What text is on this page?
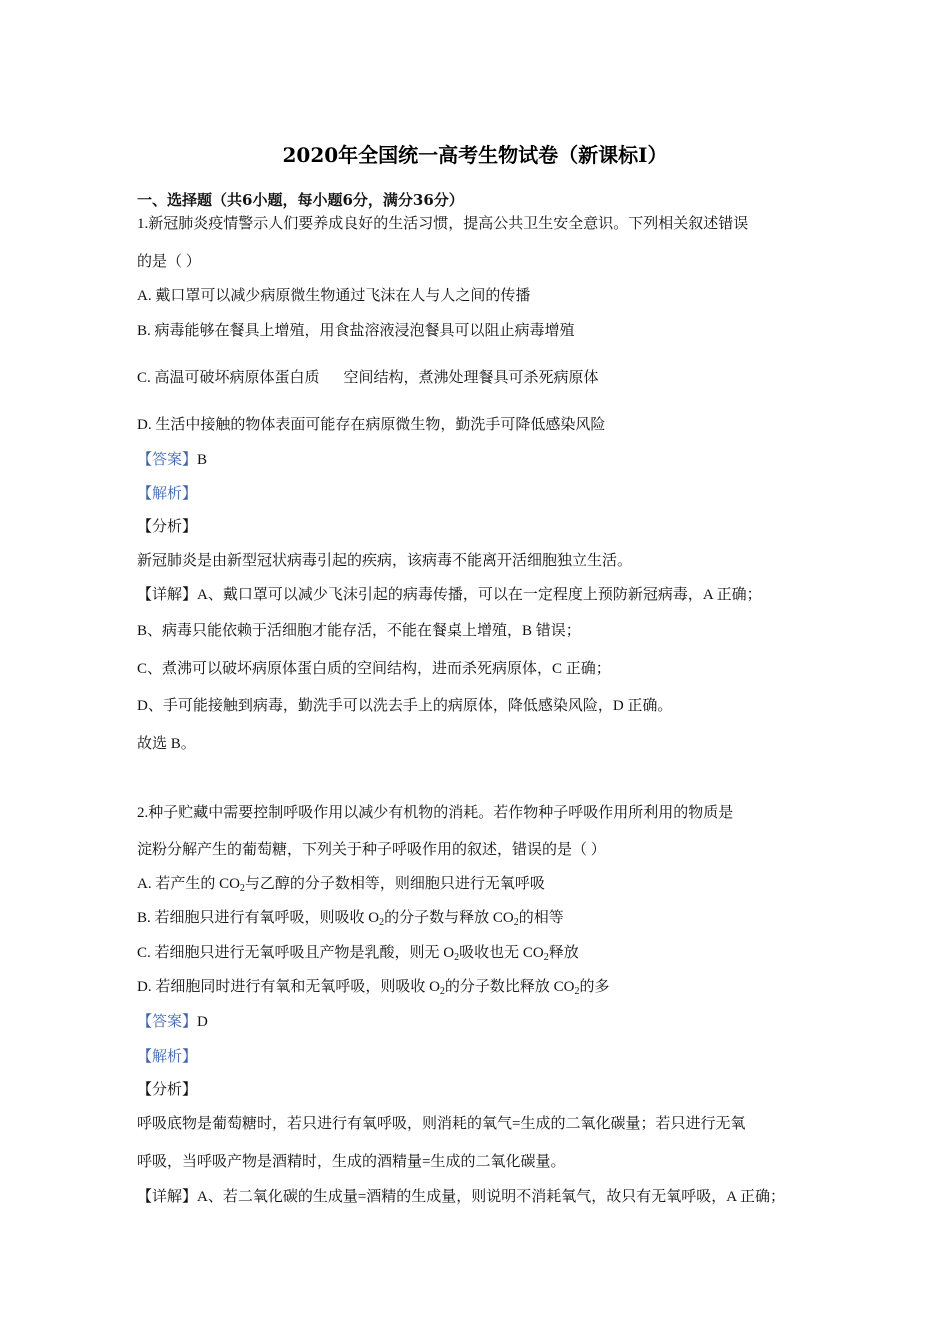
2020年全国统一高考生物试卷（新课标Ⅰ）
一、选择题（共6小题，每小题6分，满分36分）
1.新冠肺炎疫情警示人们要养成良好的生活习惯，提高公共卫生安全意识。下列相关叙述错误
的是（ ）
A. 戴口罩可以减少病原微生物通过飞沫在人与人之间的传播
B. 病毒能够在餐具上增殖，用食盐溶液浸泡餐具可以阻止病毒增殖
C. 高温可破坏病原体蛋白质 空间结构，煮沸处理餐具可杀死病原体
D. 生活中接触的物体表面可能存在病原微生物，勤洗手可降低感染风险
【答案】B
【解析】
【分析】
新冠肺炎是由新型冠状病毒引起的疾病，该病毒不能离开活细胞独立生活。
【详解】A、戴口罩可以减少飞沫引起的病毒传播，可以在一定程度上预防新冠病毒，A 正确；
B、病毒只能依赖于活细胞才能存活，不能在餐桌上增殖，B 错误；
C、煮沸可以破坏病原体蛋白质的空间结构，进而杀死病原体，C 正确；
D、手可能接触到病毒，勤洗手可以洗去手上的病原体，降低感染风险，D 正确。
故选 B。
2.种子贮藏中需要控制呼吸作用以减少有机物的消耗。若作物种子呼吸作用所利用的物质是
淀粉分解产生的葡萄糖，下列关于种子呼吸作用的叙述，错误的是（ ）
A. 若产生的 $CO_2$与乙醇的分子数相等，则细胞只进行无氧呼吸
B. 若细胞只进行有氧呼吸，则吸收 $O_2$的分子数与释放 $CO_2$的相等
C. 若细胞只进行无氧呼吸且产物是乳酸，则无 $O_2$吸收也无 $CO_2$释放
D. 若细胞同时进行有氧和无氧呼吸，则吸收 $O_2$的分子数比释放 $CO_2$的多
【答案】D
【解析】
【分析】
呼吸底物是葡萄糖时，若只进行有氧呼吸，则消耗的氧气=生成的二氧化碳量；若只进行无氧
呼吸，当呼吸产物是酒精时，生成的酒精量=生成的二氧化碳量。
【详解】A、若二氧化碳的生成量=酒精的生成量，则说明不消耗氧气，故只有无氧呼吸，A 正确；
